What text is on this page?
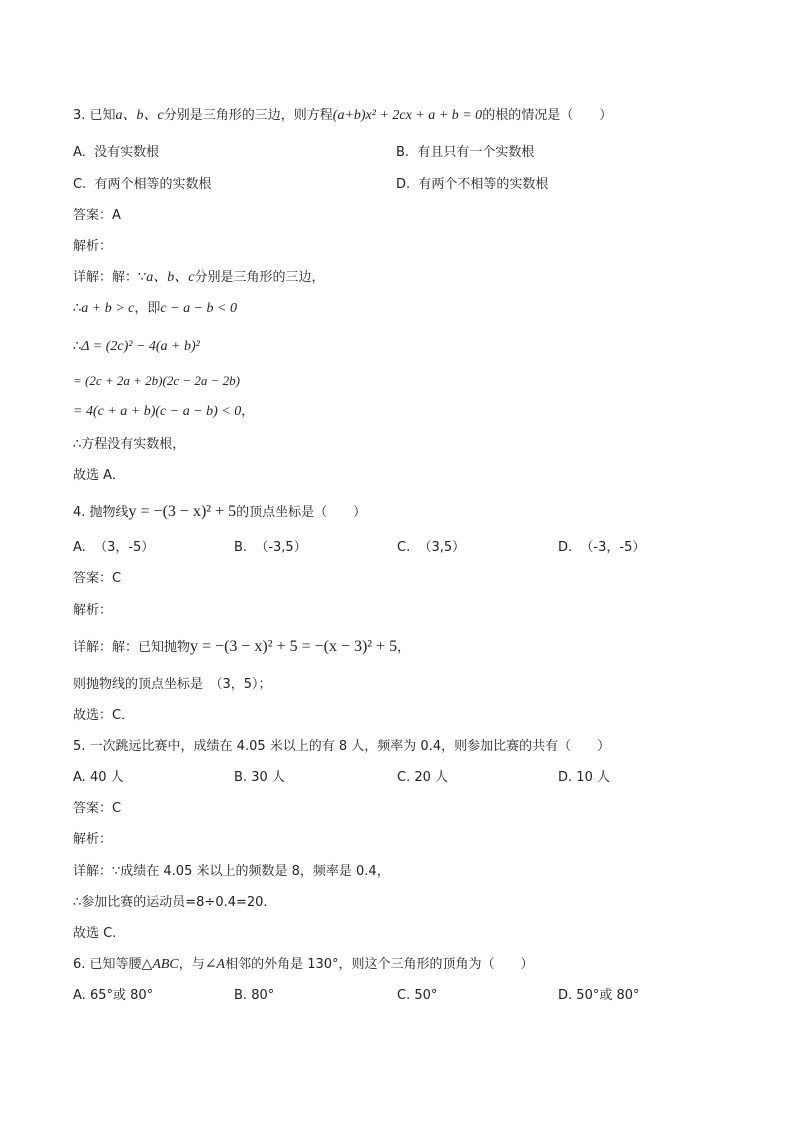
3. 已知a、b、c分别是三角形的三边，则方程(a+b)x² + 2cx + a + b = 0的根的情况是（　　）
A. 没有实数根	B. 有且只有一个实数根
C. 有两个相等的实数根	D. 有两个不相等的实数根
答案：A
解析：
详解：解：∵a、b、c分别是三角形的三边，
∴a + b > c，即c − a − b < 0
∴Δ = (2c)² − 4(a + b)²
= (2c + 2a + 2b)(2c − 2a − 2b)
= 4(c + a + b)(c − a − b) < 0，
∴方程没有实数根，
故选 A．
4. 抛物线y = −(3 − x)² + 5的顶点坐标是（　　）
A. （3，-5）	B. （-3,5）	C. （3,5）	D. （-3，-5）
答案：C
解析：
详解：解：已知抛物y = −(3 − x)² + 5 = −(x − 3)² + 5，
则抛物线的顶点坐标是　（3，5）；
故选：C．
5. 一次跳远比赛中，成绩在 4.05 米以上的有 8 人，频率为 0.4，则参加比赛的共有（　　）
A. 40 人	B. 30 人	C. 20 人	D. 10 人
答案：C
解析：
详解：∵成绩在 4.05 米以上的频数是 8，频率是 0.4，
∴参加比赛的运动员=8÷0.4=20.
故选 C.
6. 已知等腰△ABC，与∠A相邻的外角是 130°，则这个三角形的顶角为（　　）
A. 65°或 80°	B. 80°	C. 50°	D. 50°或 80°
